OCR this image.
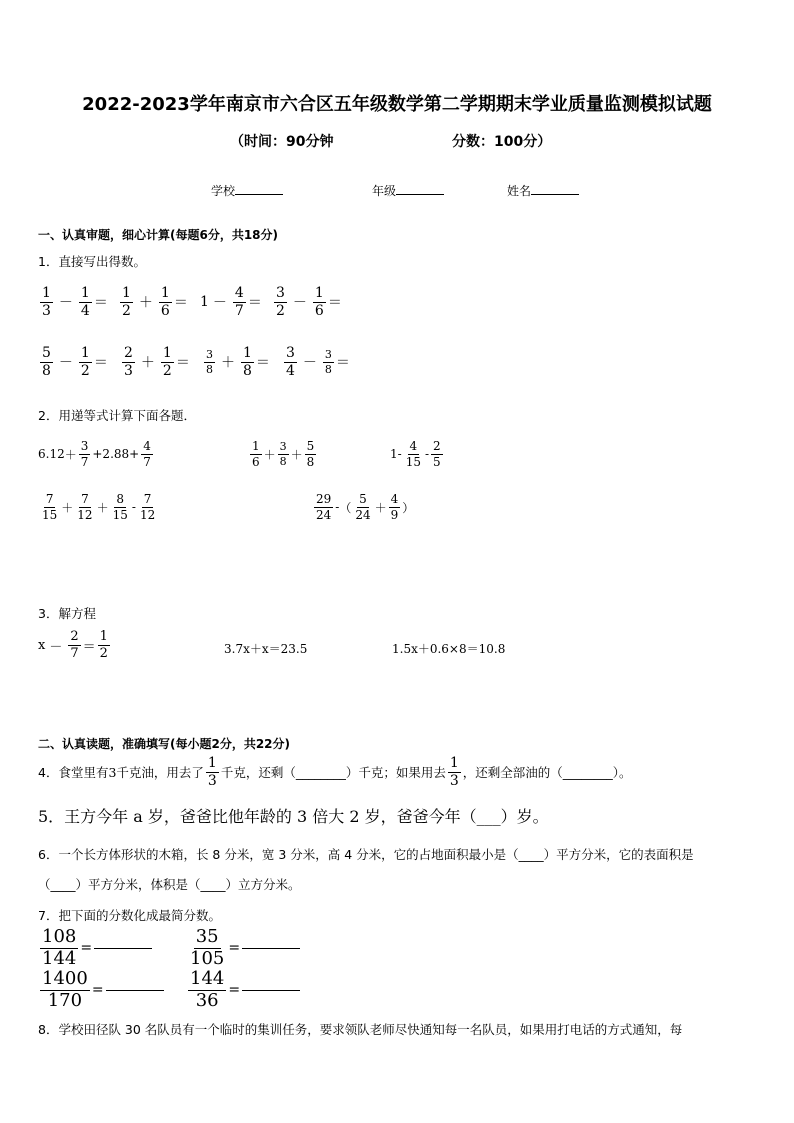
2022-2023学年南京市六合区五年级数学第二学期期末学业质量监测模拟试题
（时间：90分钟	分数：100分）
学校	年级	姓名
一、认真审题，细心计算(每题6分，共18分)
1．直接写出得数。
$\frac{1}{3} - \frac{1}{4} = \frac{1}{2} + \frac{1}{6} = 1 - \frac{4}{7} = \frac{3}{2} - \frac{1}{6}$ ＝
$\frac{5}{8} - \frac{1}{2} = \frac{2}{3} + \frac{1}{2} = \frac{3}{8} + \frac{1}{8} = \frac{3}{4} - \frac{3}{8}$ ＝
2．用递等式计算下面各题．
$6.12 + \frac{3}{7} +2.88+ \frac{4}{7}$	$\frac{1}{6} + \frac{3}{8} + \frac{5}{8}$	$1- \frac{4}{15} - \frac{2}{5}$
$\frac{7}{15} + \frac{7}{12} + \frac{8}{15} - \frac{7}{12}$	$\frac{29}{24}$ - （ $\frac{5}{24} + \frac{4}{9}$ ）
3．解方程
$x - \frac{2}{7} = \frac{1}{2}$	3.7x＋x＝23.5	1.5x＋0.6×8＝10.8
二、认真读题，准确填写(每小题2分，共22分)
4．食堂里有 3 千克油，用去了 $\frac{1}{3}$ 千克，还剩（________）千克；如果用去 $\frac{1}{3}$ ，还剩全部油的（________）。
5．王方今年 a 岁，爸爸比他年龄的 3 倍大 2 岁，爸爸今年（___）岁。
6．一个长方体形状的木箱，长 8 分米，宽 3 分米，高 4 分米，它的占地面积最小是（____）平方分米，它的表面积是
（____）平方分米，体积是（____）立方分米。
7．把下面的分数化成最简分数。
$\frac{108}{144}$ =	$\frac{35}{105}$ =
$\frac{1400}{170}$ =	$\frac{144}{36}$ =
8．学校田径队 30 名队员有一个临时的集训任务，要求领队老师尽快通知每一名队员，如果用打电话的方式通知，每
